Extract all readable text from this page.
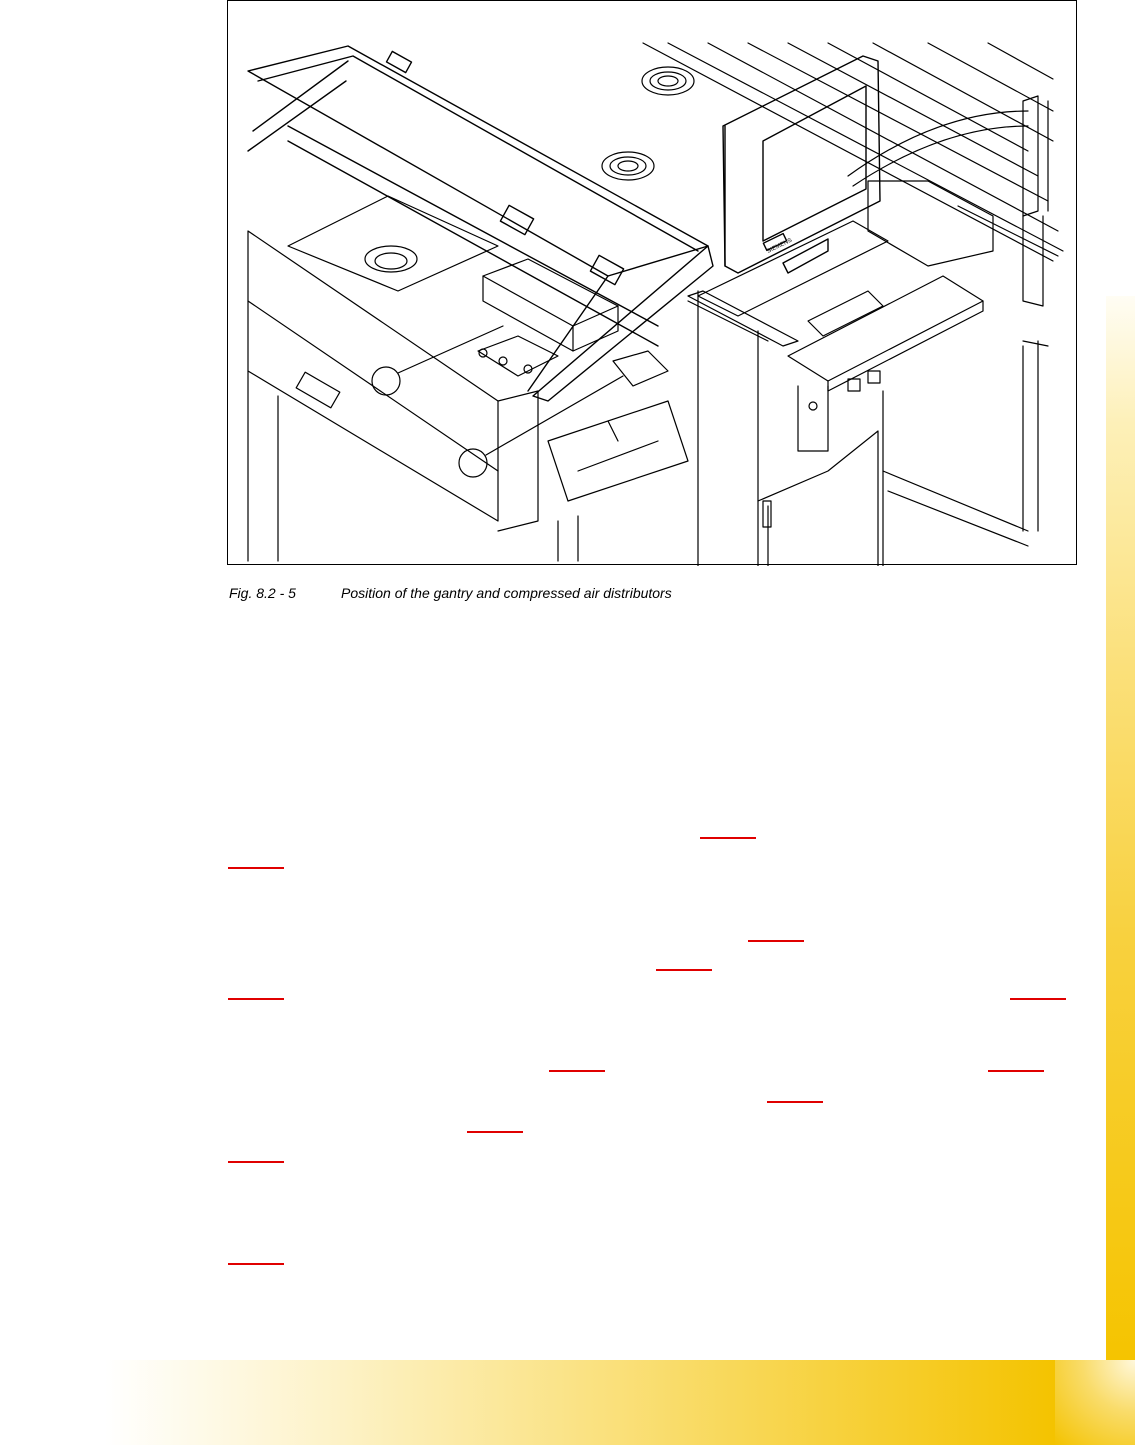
SIEMENS
Fig. 8.2 - 5	Position of the gantry and compressed air distributors
